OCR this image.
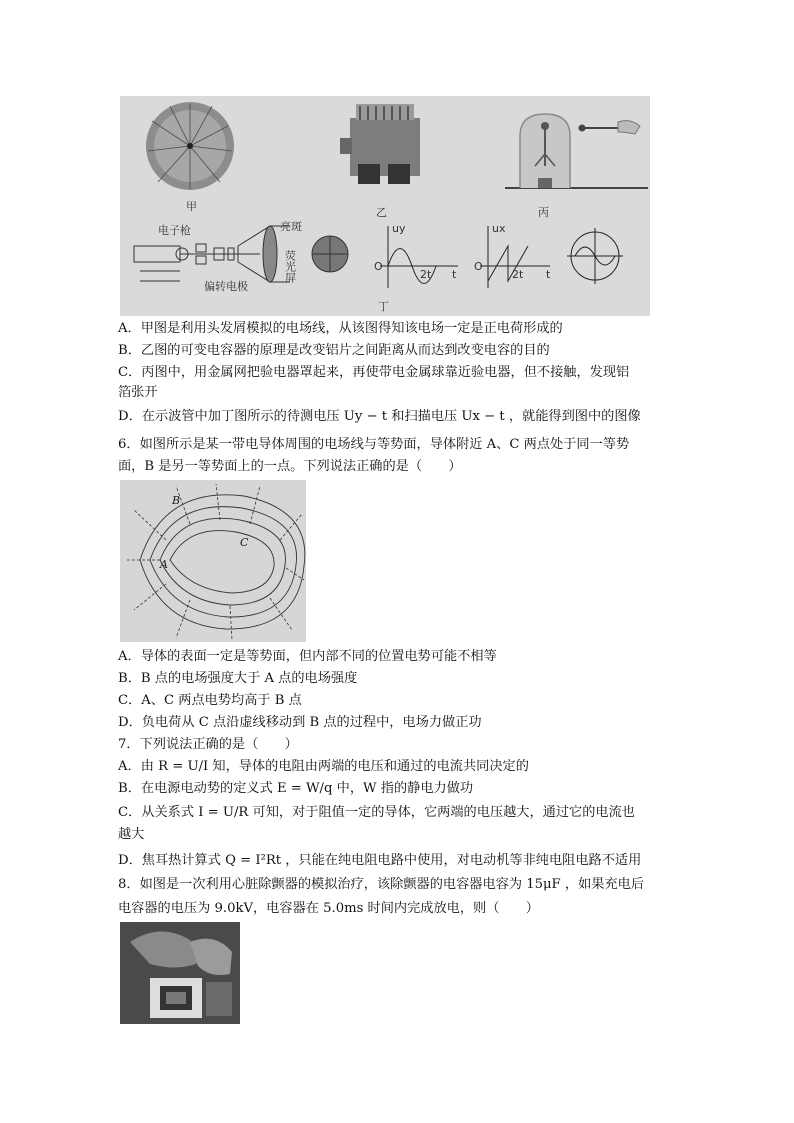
甲	乙	丙
电子枪
偏转电极
亮斑
荧光屏
uy
O
2t t
ux
O
2t t
丁
A．甲图是利用头发屑模拟的电场线，从该图得知该电场一定是正电荷形成的
B．乙图的可变电容器的原理是改变铝片之间距离从而达到改变电容的目的
C．丙图中，用金属网把验电器罩起来，再使带电金属球靠近验电器，但不接触，发现铝
箔张开
D．在示波管中加丁图所示的待测电压 Uy − t 和扫描电压 Ux − t ，就能得到图中的图像
6．如图所示是某一带电导体周围的电场线与等势面，导体附近 A、C 两点处于同一等势
面，B 是另一等势面上的一点。下列说法正确的是（　　）
B
A
C
A．导体的表面一定是等势面，但内部不同的位置电势可能不相等
B．B 点的电场强度大于 A 点的电场强度
C．A、C 两点电势均高于 B 点
D．负电荷从 C 点沿虚线移动到 B 点的过程中，电场力做正功
7．下列说法正确的是（　　）
A．由 R = U/I 知，导体的电阻由两端的电压和通过的电流共同决定的
B．在电源电动势的定义式 E = W/q 中，W 指的静电力做功
C．从关系式 I = U/R 可知，对于阻值一定的导体，它两端的电压越大，通过它的电流也
越大
D．焦耳热计算式 Q = I²Rt ，只能在纯电阻电路中使用，对电动机等非纯电阻电路不适用
8．如图是一次利用心脏除颤器的模拟治疗，该除颤器的电容器电容为 15μF ，如果充电后
电容器的电压为 9.0kV，电容器在 5.0ms 时间内完成放电，则（　　）
